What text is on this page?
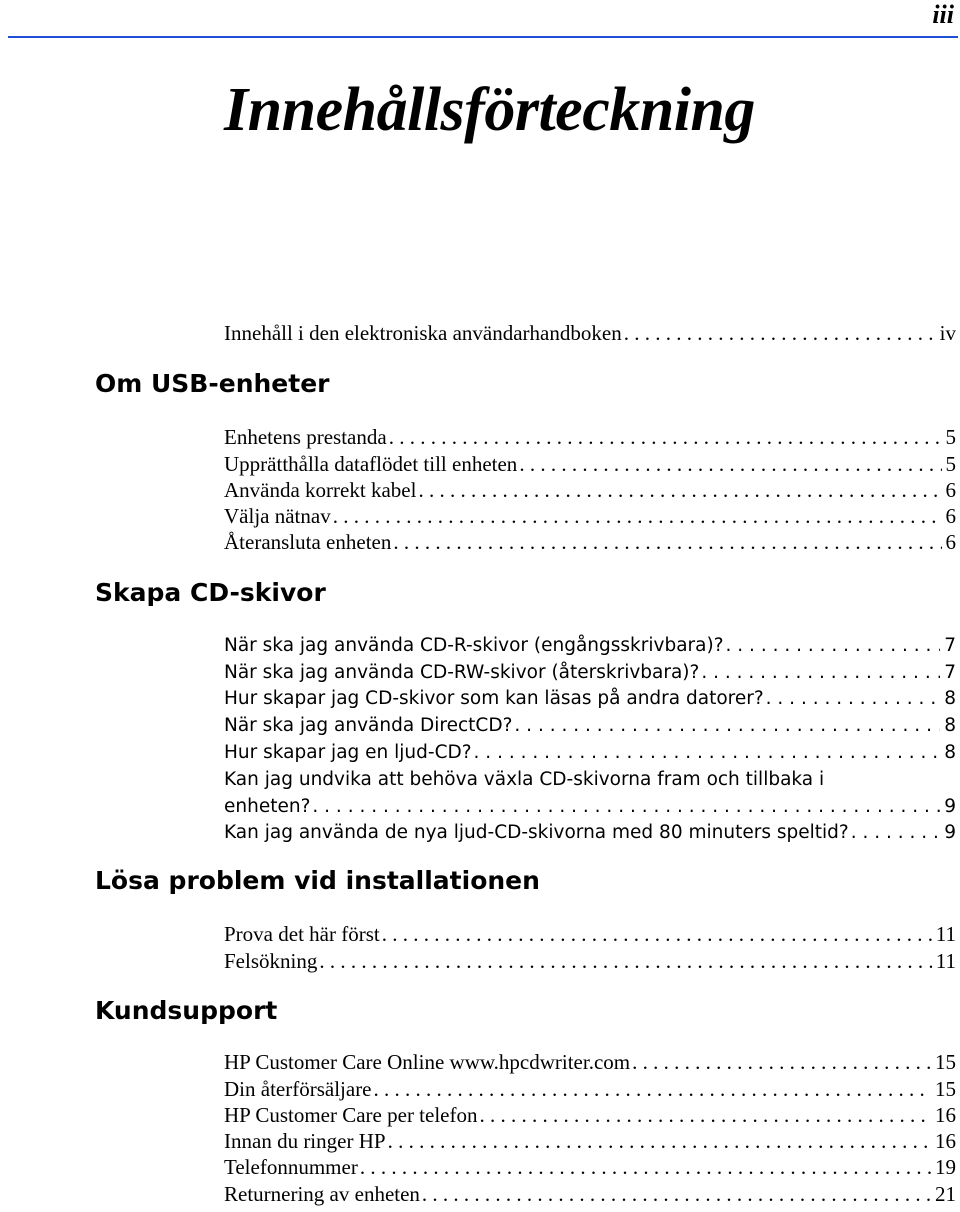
iii
Innehållsförteckning
Innehåll i den elektroniska användarhandboken . . .	iv
Om USB-enheter
Enhetens prestanda . . .	5
Upprätthålla dataflödet till enheten . . .	5
Använda korrekt kabel . . .	6
Välja nätnav . . .	6
Återansluta enheten . . .	6
Skapa CD-skivor
När ska jag använda CD-R-skivor (engångsskrivbara)? . . .	7
När ska jag använda CD-RW-skivor (återskrivbara)? . . .	7
Hur skapar jag CD-skivor som kan läsas på andra datorer? . . .	8
När ska jag använda DirectCD? . . .	8
Hur skapar jag en ljud-CD? . . .	8
Kan jag undvika att behöva växla CD-skivorna fram och tillbaka i
enheten? . . .	9
Kan jag använda de nya ljud-CD-skivorna med 80 minuters speltid? . . .	9
Lösa problem vid installationen
Prova det här först . . .	11
Felsökning . . .	11
Kundsupport
HP Customer Care Online www.hpcdwriter.com . . .	15
Din återförsäljare . . .	15
HP Customer Care per telefon . . .	16
Innan du ringer HP . . .	16
Telefonnummer . . .	19
Returnering av enheten . . .	21
